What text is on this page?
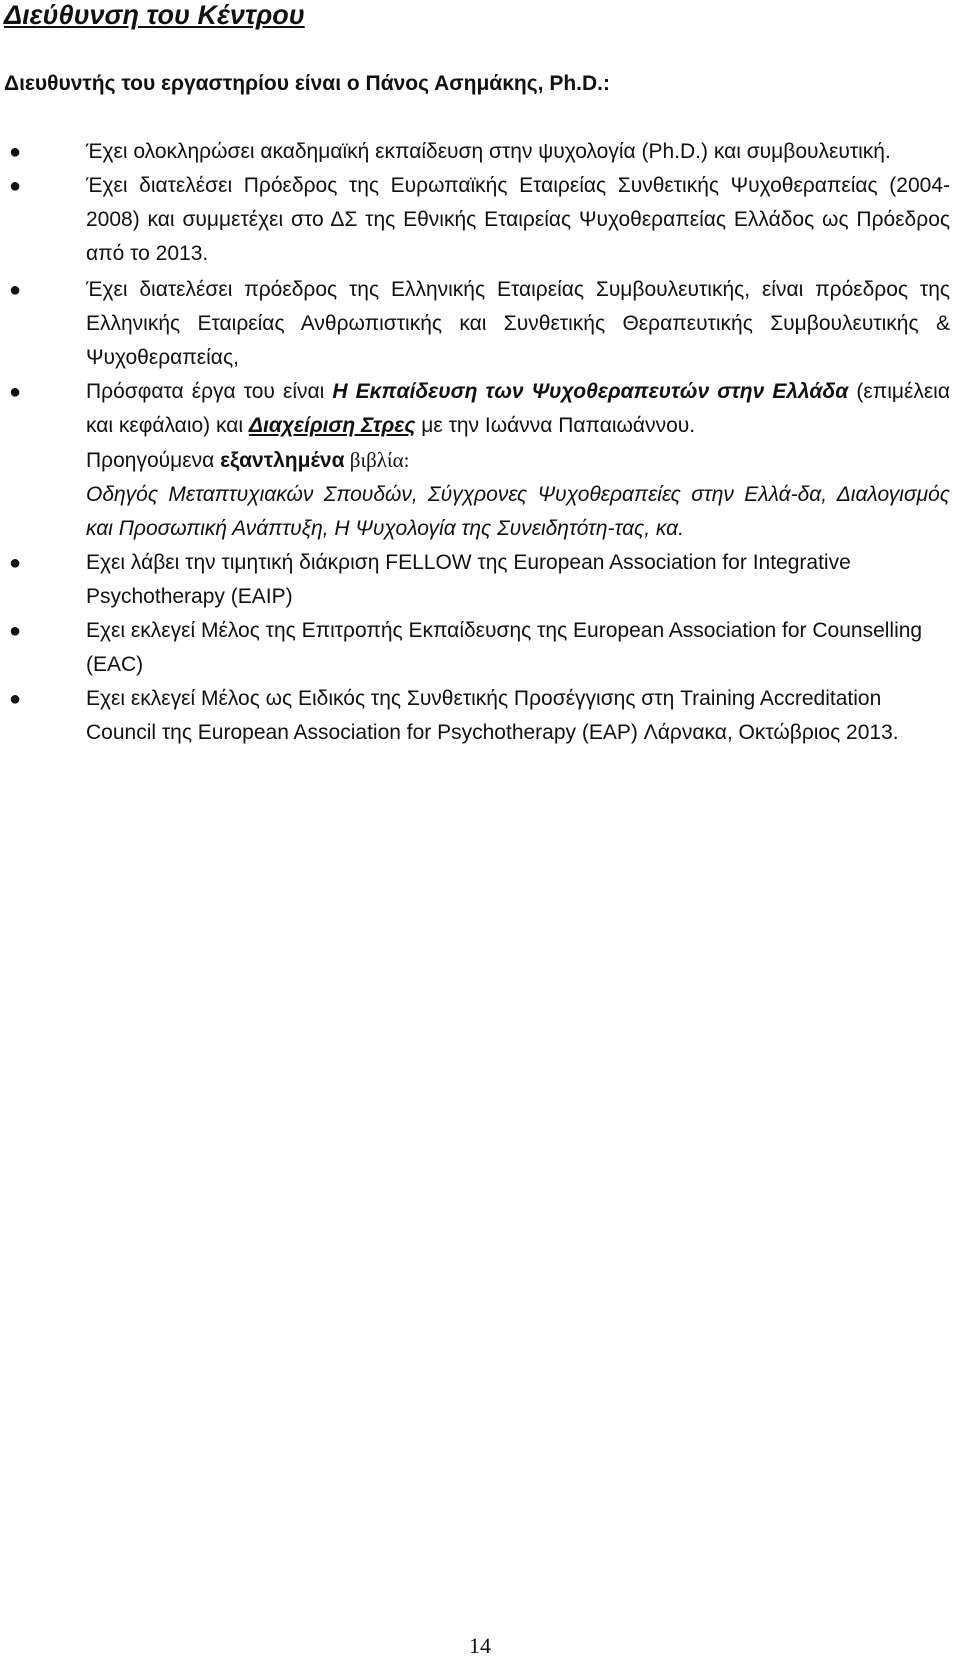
Διεύθυνση του Κέντρου

Διευθυντής του εργαστηρίου είναι ο Πάνος Ασημάκης, Ph.D.:

●	Έχει ολοκληρώσει ακαδημαϊκή εκπαίδευση στην ψυχολογία (Ph.D.) και συμβουλευτική.
●	Έχει διατελέσει Πρόεδρος της Ευρωπαϊκής Εταιρείας Συνθετικής Ψυχοθεραπείας (2004-2008) και συμμετέχει στο ΔΣ της Εθνικής Εταιρείας Ψυχοθεραπείας Ελλάδος ως Πρόεδρος από το 2013.
●	Έχει διατελέσει πρόεδρος της Ελληνικής Εταιρείας Συμβουλευτικής, είναι πρόεδρος της Ελληνικής Εταιρείας Ανθρωπιστικής και Συνθετικής Θεραπευτικής Συμβουλευτικής & Ψυχοθεραπείας,
●	Πρόσφατα έργα του είναι Η Εκπαίδευση των Ψυχοθεραπευτών στην Ελλάδα (επιμέλεια και κεφάλαιο) και Διαχείριση Στρες με την Ιωάννα Παπαιωάννου.
Προηγούμενα εξαντλημένα βιβλία:
Οδηγός Μεταπτυχιακών Σπουδών, Σύγχρονες Ψυχοθεραπείες στην Ελλά-δα, Διαλογισμός και Προσωπική Ανάπτυξη, Η Ψυχολογία της Συνειδητότη-τας, κα.
●	Εχει λάβει την τιμητική διάκριση FELLOW της European Association for Integrative Psychotherapy (EAIP)
●	Εχει εκλεγεί Μέλος της Επιτροπής Εκπαίδευσης της European Association for Counselling (EAC)
●	Εχει εκλεγεί Μέλος ως Ειδικός της Συνθετικής Προσέγγισης στη Training Accreditation Council της European Association for Psychotherapy (EAP) Λάρνακα, Οκτώβριος 2013.
14
